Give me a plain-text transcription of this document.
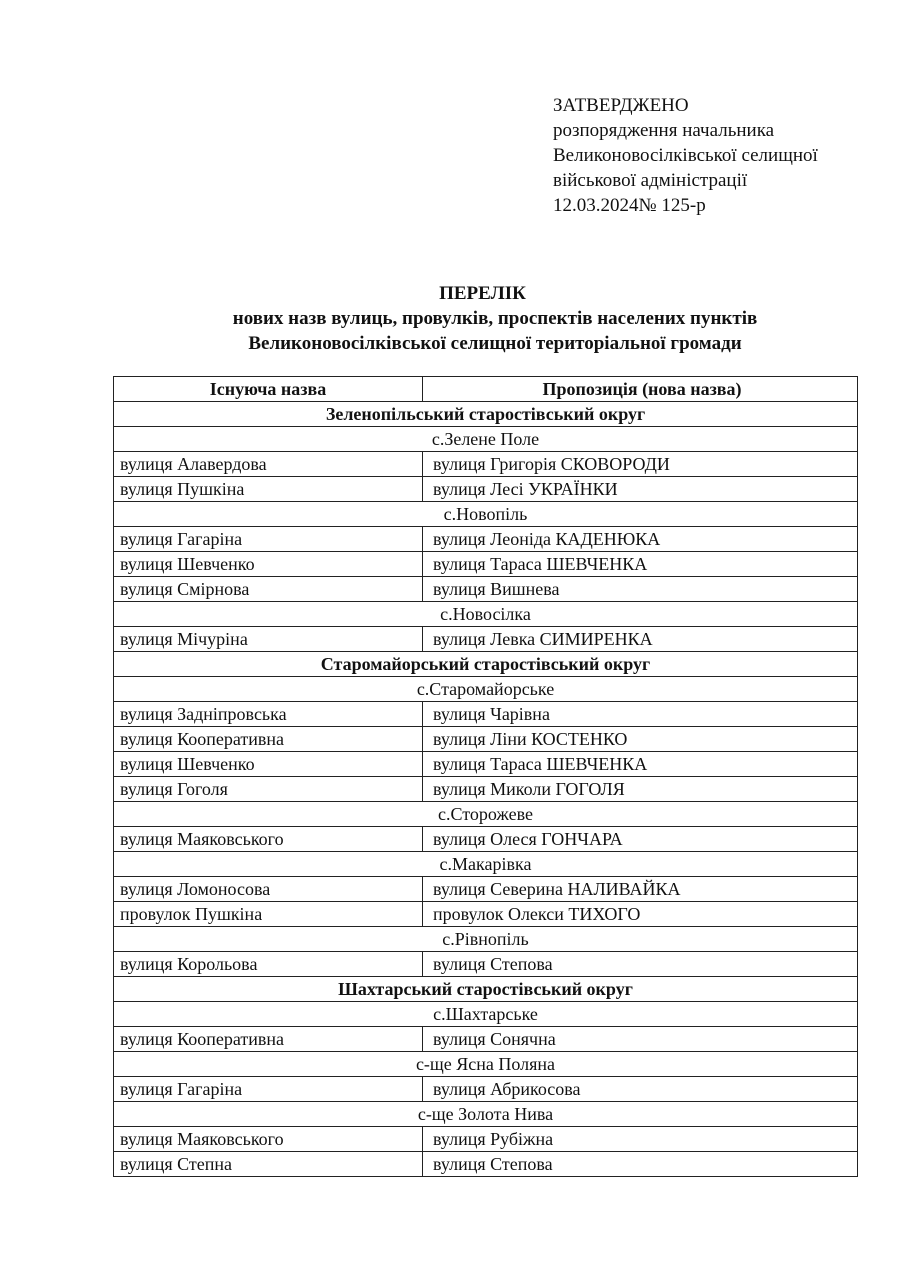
ЗАТВЕРДЖЕНО
розпорядження начальника
Великоновосілківської селищної
військової адміністрації
12.03.2024№ 125-р
ПЕРЕЛІК
нових назв вулиць, провулків, проспектів населених пунктів
Великоновосілківської селищної територіальної громади
Існуюча назва	Пропозиція (нова назва)
Зеленопільський старостівський округ	
с.Зелене Поле	
вулиця Алавердова	вулиця Григорія СКОВОРОДИ
вулиця Пушкіна	вулиця Лесі УКРАЇНКИ
с.Новопіль	
вулиця Гагаріна	вулиця Леоніда КАДЕНЮКА
вулиця Шевченко	вулиця Тараса ШЕВЧЕНКА
вулиця Смірнова	вулиця Вишнева
с.Новосілка	
вулиця Мічуріна	вулиця Левка СИМИРЕНКА
Старомайорський старостівський округ	
с.Старомайорське	
вулиця Задніпровська	вулиця Чарівна
вулиця Кооперативна	вулиця Ліни КОСТЕНКО
вулиця Шевченко	вулиця Тараса ШЕВЧЕНКА
вулиця Гоголя	вулиця Миколи ГОГОЛЯ
с.Сторожеве	
вулиця Маяковського	вулиця Олеся ГОНЧАРА
с.Макарівка	
вулиця Ломоносова	вулиця Северина НАЛИВАЙКА
провулок Пушкіна	провулок Олекси ТИХОГО
с.Рівнопіль	
вулиця Корольова	вулиця Степова
Шахтарський старостівський округ	
с.Шахтарське	
вулиця Кооперативна	вулиця Сонячна
с-ще Ясна Поляна	
вулиця Гагаріна	вулиця Абрикосова
с-ще Золота Нива	
вулиця Маяковського	вулиця Рубіжна
вулиця Степна	вулиця Степова
